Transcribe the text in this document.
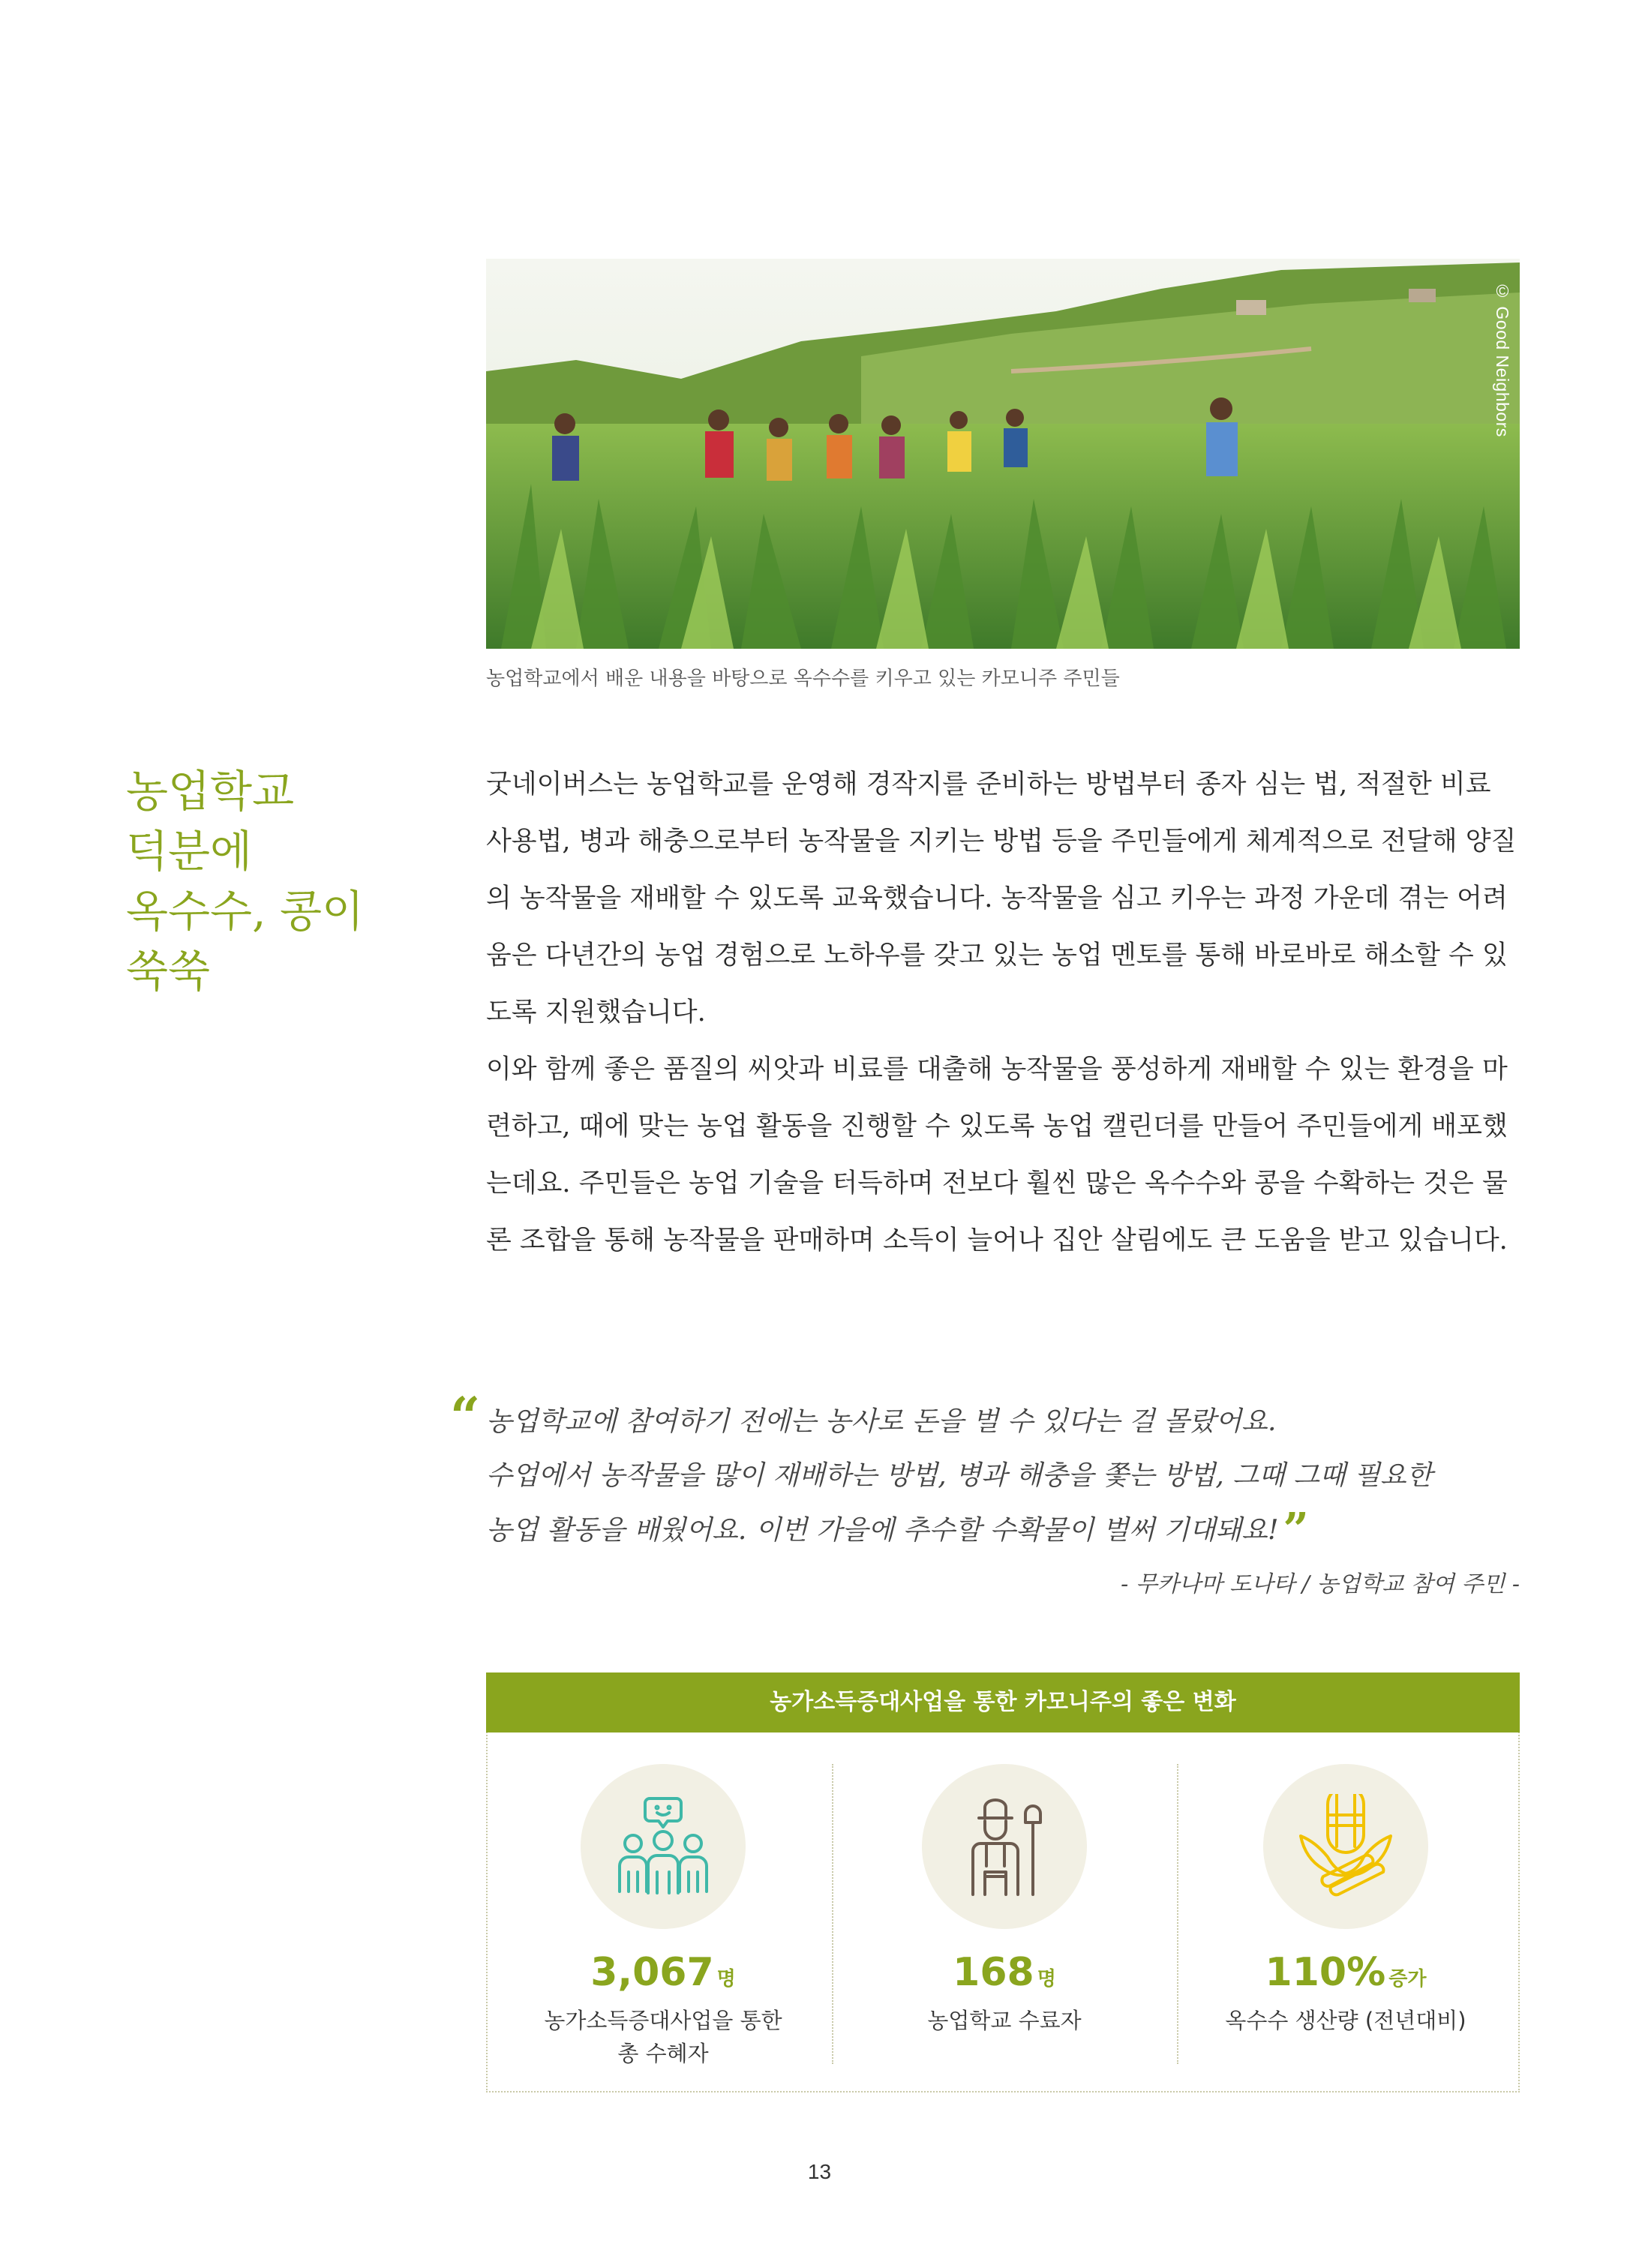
© Good Neighbors
농업학교에서 배운 내용을 바탕으로 옥수수를 키우고 있는 카모니주 주민들
농업학교
덕분에
옥수수, 콩이
쑥쑥

굿네이버스는 농업학교를 운영해 경작지를 준비하는 방법부터 종자 심는 법, 적절한 비료 사용법, 병과 해충으로부터 농작물을 지키는 방법 등을 주민들에게 체계적으로 전달해 양질의 농작물을 재배할 수 있도록 교육했습니다. 농작물을 심고 키우는 과정 가운데 겪는 어려움은 다년간의 농업 경험으로 노하우를 갖고 있는 농업 멘토를 통해 바로바로 해소할 수 있도록 지원했습니다.

이와 함께 좋은 품질의 씨앗과 비료를 대출해 농작물을 풍성하게 재배할 수 있는 환경을 마련하고, 때에 맞는 농업 활동을 진행할 수 있도록 농업 캘린더를 만들어 주민들에게 배포했는데요. 주민들은 농업 기술을 터득하며 전보다 훨씬 많은 옥수수와 콩을 수확하는 것은 물론 조합을 통해 농작물을 판매하며 소득이 늘어나 집안 살림에도 큰 도움을 받고 있습니다.

“ 농업학교에 참여하기 전에는 농사로 돈을 벌 수 있다는 걸 몰랐어요.
수업에서 농작물을 많이 재배하는 방법, 병과 해충을 쫓는 방법, 그때 그때 필요한
농업 활동을 배웠어요. 이번 가을에 추수할 수확물이 벌써 기대돼요! ”
- 무카나마 도나타 / 농업학교 참여 주민 -
농가소득증대사업을 통한 카모니주의 좋은 변화
3,067 명
농가소득증대사업을 통한
총 수혜자
168 명
농업학교 수료자
110% 증가
옥수수 생산량 (전년대비)
13
